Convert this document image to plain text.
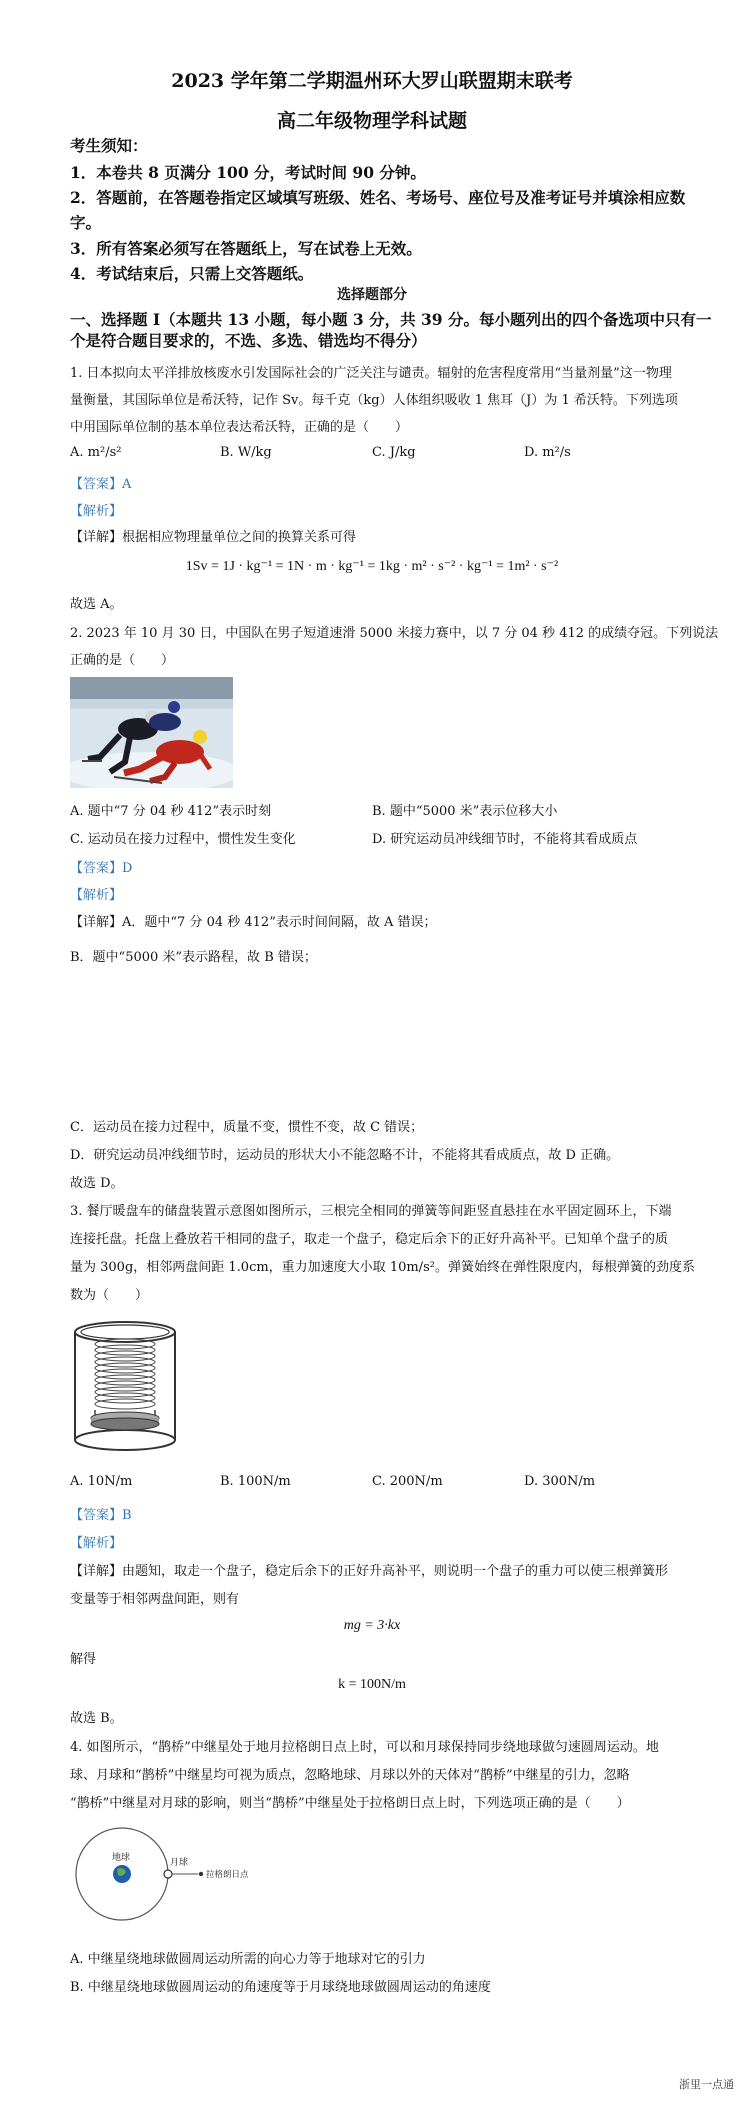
2023 学年第二学期温州环大罗山联盟期末联考
高二年级物理学科试题
考生须知：
1．本卷共 8 页满分 100 分，考试时间 90 分钟。
2．答题前，在答题卷指定区域填写班级、姓名、考场号、座位号及准考证号并填涂相应数
字。
3．所有答案必须写在答题纸上，写在试卷上无效。
4．考试结束后，只需上交答题纸。
选择题部分
一、选择题 I（本题共 13 小题，每小题 3 分，共 39 分。每小题列出的四个备选项中只有一
个是符合题目要求的，不选、多选、错选均不得分）
1. 日本拟向太平洋排放核废水引发国际社会的广泛关注与谴责。辐射的危害程度常用“当量剂量”这一物理
量衡量，其国际单位是希沃特，记作 Sv。每千克（kg）人体组织吸收 1 焦耳（J）为 1 希沃特。下列选项
中用国际单位制的基本单位表达希沃特，正确的是（　　）
A. m²/s²	B. W/kg	C. J/kg	D. m²/s
【答案】A
【解析】
【详解】根据相应物理量单位之间的换算关系可得
1Sv = 1J · kg⁻¹ = 1N · m · kg⁻¹ = 1kg · m² · s⁻² · kg⁻¹ = 1m² · s⁻²
故选 A。
2. 2023 年 10 月 30 日，中国队在男子短道速滑 5000 米接力赛中，以 7 分 04 秒 412 的成绩夺冠。下列说法
正确的是（　　）
A. 题中“7 分 04 秒 412”表示时刻	B. 题中“5000 米”表示位移大小
C. 运动员在接力过程中，惯性发生变化	D. 研究运动员冲线细节时，不能将其看成质点
【答案】D
【解析】
【详解】A．题中“7 分 04 秒 412”表示时间间隔，故 A 错误；
B．题中“5000 米”表示路程，故 B 错误；
C．运动员在接力过程中，质量不变，惯性不变，故 C 错误；
D．研究运动员冲线细节时，运动员的形状大小不能忽略不计，不能将其看成质点，故 D 正确。
故选 D。
3. 餐厅暖盘车的储盘装置示意图如图所示，三根完全相同的弹簧等间距竖直悬挂在水平固定圆环上，下端
连接托盘。托盘上叠放若干相同的盘子，取走一个盘子，稳定后余下的正好升高补平。已知单个盘子的质
量为 300g，相邻两盘间距 1.0cm，重力加速度大小取 10m/s²。弹簧始终在弹性限度内，每根弹簧的劲度系
数为（　　）
A. 10N/m	B. 100N/m	C. 200N/m	D. 300N/m
【答案】B
【解析】
【详解】由题知，取走一个盘子，稳定后余下的正好升高补平，则说明一个盘子的重力可以使三根弹簧形
变量等于相邻两盘间距，则有
mg = 3·kx
解得
k = 100N/m
故选 B。
4. 如图所示，“鹊桥”中继星处于地月拉格朗日点上时，可以和月球保持同步绕地球做匀速圆周运动。地
球、月球和“鹊桥”中继星均可视为质点，忽略地球、月球以外的天体对“鹊桥”中继星的引力，忽略
“鹊桥”中继星对月球的影响，则当“鹊桥”中继星处于拉格朗日点上时，下列选项正确的是（　　）
地球	月球
拉格朗日点
A. 中继星绕地球做圆周运动所需的向心力等于地球对它的引力
B. 中继星绕地球做圆周运动的角速度等于月球绕地球做圆周运动的角速度
浙里一点通
